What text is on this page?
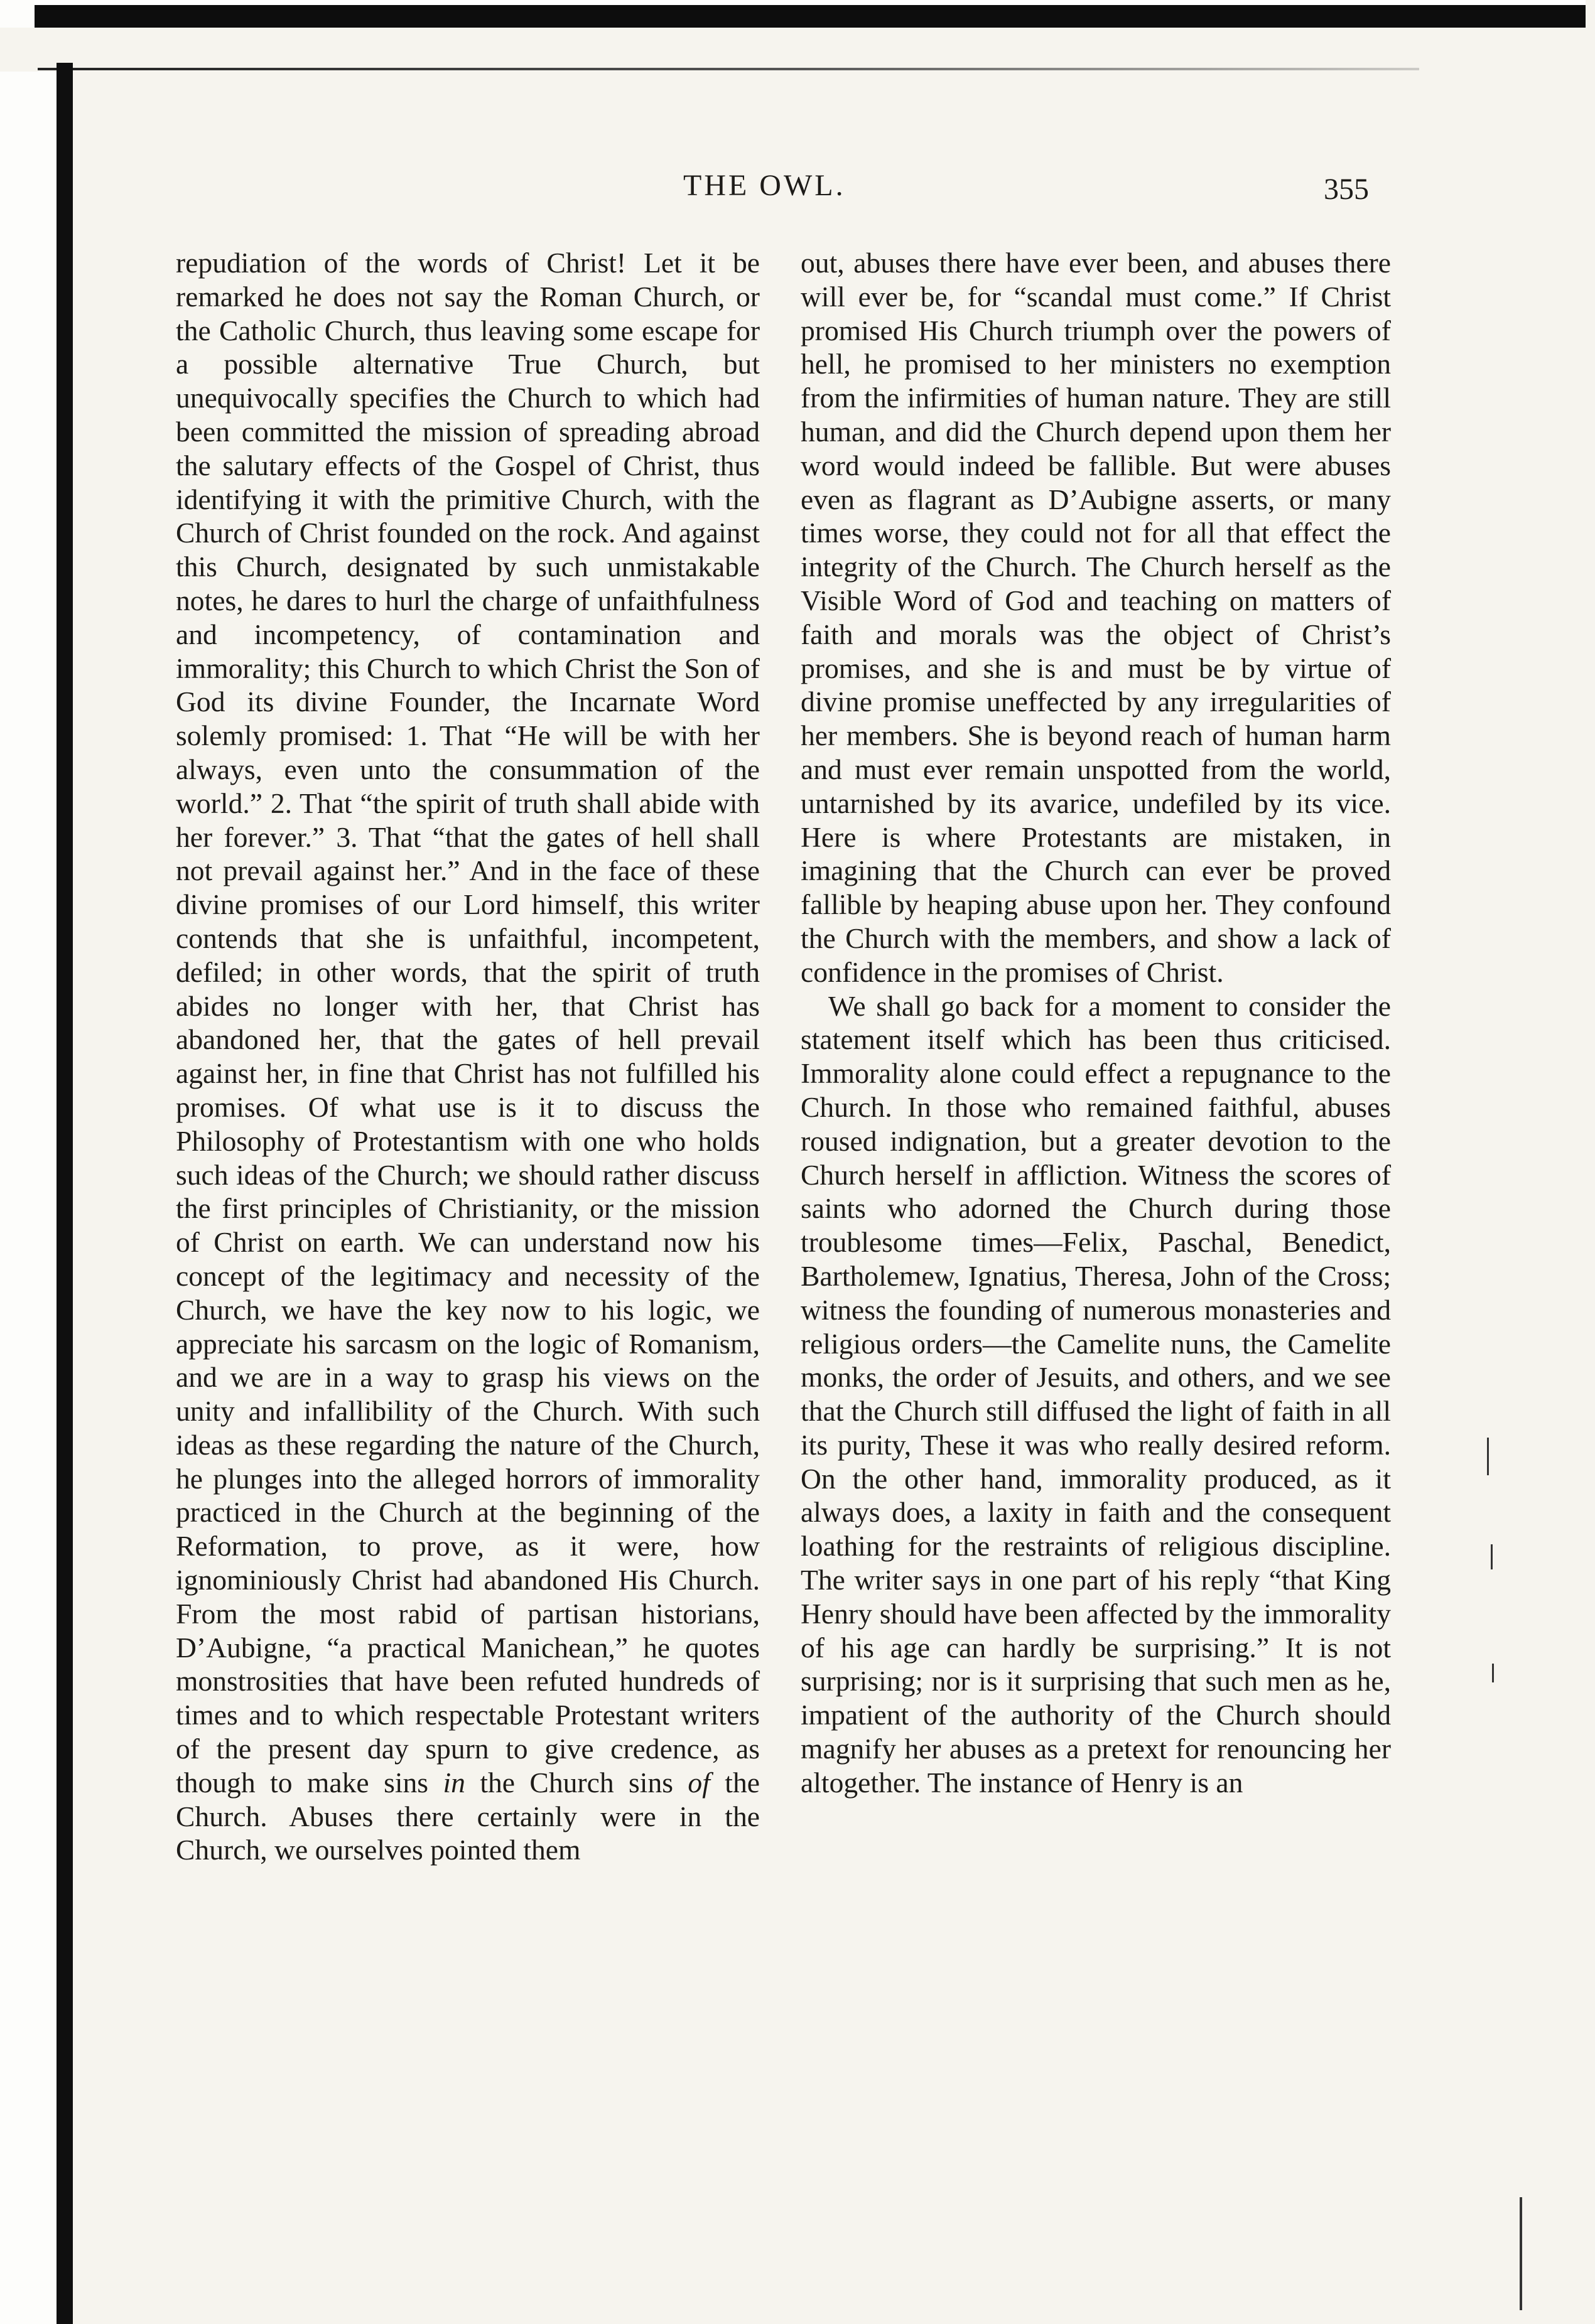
THE OWL.	355

repudiation of the words of Christ! Let it be remarked he does not say the Roman Church, or the Catholic Church, thus leaving some escape for a possible alternative True Church, but unequivocally specifies the Church to which had been committed the mission of spreading abroad the salutary effects of the Gospel of Christ, thus identifying it with the primitive Church, with the Church of Christ founded on the rock. And against this Church, designated by such unmistakable notes, he dares to hurl the charge of unfaithfulness and incompetency, of contamination and immorality; this Church to which Christ the Son of God its divine Founder, the Incarnate Word solemly promised: 1. That “He will be with her always, even unto the consummation of the world.” 2. That “the spirit of truth shall abide with her forever.” 3. That “that the gates of hell shall not prevail against her.” And in the face of these divine promises of our Lord himself, this writer contends that she is unfaithful, incompetent, defiled; in other words, that the spirit of truth abides no longer with her, that Christ has abandoned her, that the gates of hell prevail against her, in fine that Christ has not fulfilled his promises. Of what use is it to discuss the Philosophy of Protestantism with one who holds such ideas of the Church; we should rather discuss the first principles of Christianity, or the mission of Christ on earth. We can understand now his concept of the legitimacy and necessity of the Church, we have the key now to his logic, we appreciate his sarcasm on the logic of Romanism, and we are in a way to grasp his views on the unity and infallibility of the Church. With such ideas as these regarding the nature of the Church, he plunges into the alleged horrors of immorality practiced in the Church at the beginning of the Reformation, to prove, as it were, how ignominiously Christ had abandoned His Church. From the most rabid of partisan historians, D’Aubigne, “a practical Manichean,” he quotes monstrosities that have been refuted hundreds of times and to which respectable Protestant writers of the present day spurn to give credence, as though to make sins in the Church sins of the Church. Abuses there certainly were in the Church, we ourselves pointed them

out, abuses there have ever been, and abuses there will ever be, for “scandal must come.” If Christ promised His Church triumph over the powers of hell, he promised to her ministers no exemption from the infirmities of human nature. They are still human, and did the Church depend upon them her word would indeed be fallible. But were abuses even as flagrant as D’Aubigne asserts, or many times worse, they could not for all that effect the integrity of the Church. The Church herself as the Visible Word of God and teaching on matters of faith and morals was the object of Christ’s promises, and she is and must be by virtue of divine promise uneffected by any irregularities of her members. She is beyond reach of human harm and must ever remain unspotted from the world, untarnished by its avarice, undefiled by its vice. Here is where Protestants are mistaken, in imagining that the Church can ever be proved fallible by heaping abuse upon her. They confound the Church with the members, and show a lack of confidence in the promises of Christ.

We shall go back for a moment to consider the statement itself which has been thus criticised. Immorality alone could effect a repugnance to the Church. In those who remained faithful, abuses roused indignation, but a greater devotion to the Church herself in affliction. Witness the scores of saints who adorned the Church during those troublesome times—Felix, Paschal, Benedict, Bartholemew, Ignatius, Theresa, John of the Cross; witness the founding of numerous monasteries and religious orders—the Camelite nuns, the Camelite monks, the order of Jesuits, and others, and we see that the Church still diffused the light of faith in all its purity, These it was who really desired reform. On the other hand, immorality produced, as it always does, a laxity in faith and the consequent loathing for the restraints of religious discipline. The writer says in one part of his reply “that King Henry should have been affected by the immorality of his age can hardly be surprising.” It is not surprising; nor is it surprising that such men as he, impatient of the authority of the Church should magnify her abuses as a pretext for renouncing her altogether. The instance of Henry is an
